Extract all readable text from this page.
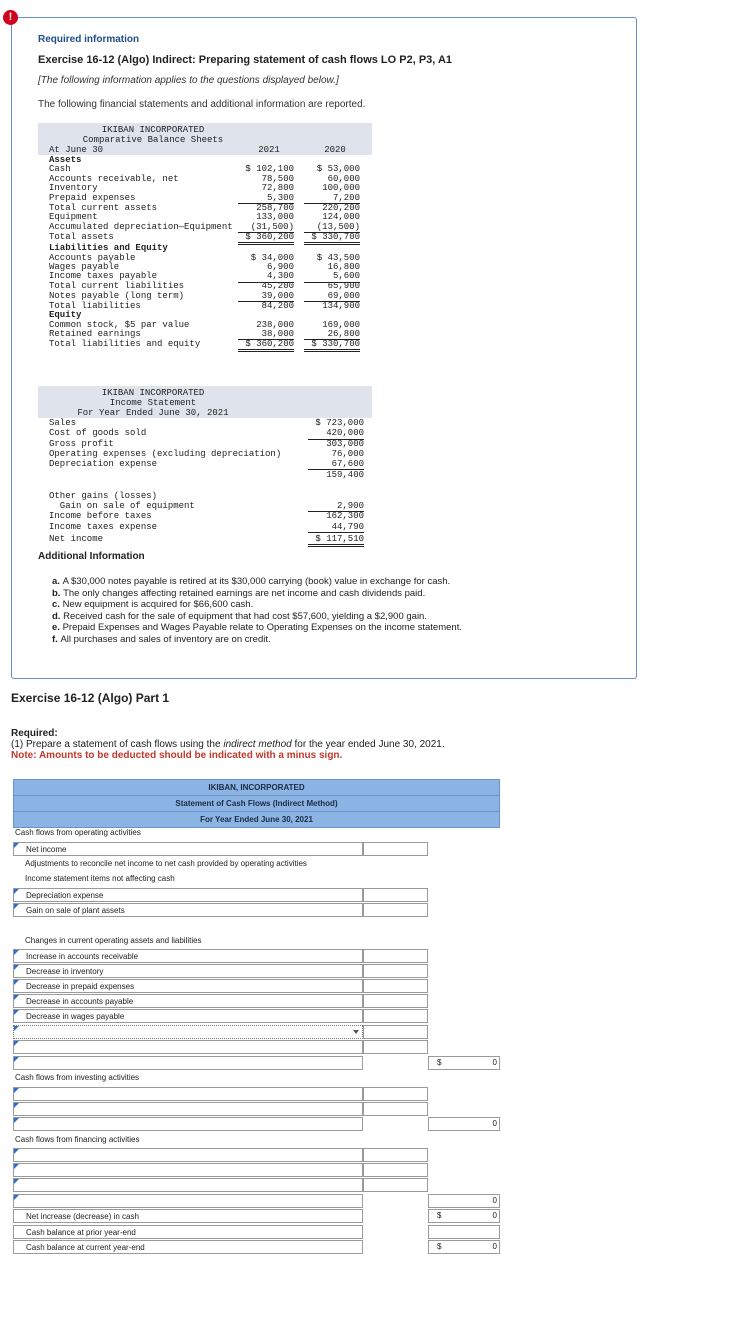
!
Required information
Exercise 16-12 (Algo) Indirect: Preparing statement of cash flows LO P2, P3, A1
[The following information applies to the questions displayed below.]
The following financial statements and additional information are reported.
IKIBAN INCORPORATED
Comparative Balance Sheets
At June 30	2021	2020
Assets
Cash	$ 102,100	$ 53,000
Accounts receivable, net	78,500	60,000
Inventory	72,800	100,000
Prepaid expenses	5,300	7,200
Total current assets	258,700	220,200
Equipment	133,000	124,000
Accumulated depreciation—Equipment	(31,500)	(13,500)
Total assets	$ 360,200	$ 330,700
Liabilities and Equity
Accounts payable	$ 34,000	$ 43,500
Wages payable	6,900	16,800
Income taxes payable	4,300	5,600
Total current liabilities	45,200	65,900
Notes payable (long term)	39,000	69,000
Total liabilities	84,200	134,900
Equity
Common stock, $5 par value	238,000	169,000
Retained earnings	38,000	26,800
Total liabilities and equity	$ 360,200	$ 330,700
IKIBAN INCORPORATED
Income Statement
For Year Ended June 30, 2021
Sales	$ 723,000
Cost of goods sold	420,000
Gross profit	303,000
Operating expenses (excluding depreciation)	76,000
Depreciation expense	67,600
159,400
Other gains (losses)
Gain on sale of equipment	2,900
Income before taxes	162,300
Income taxes expense	44,790
Net income	$ 117,510
Additional Information
a. A $30,000 notes payable is retired at its $30,000 carrying (book) value in exchange for cash.
b. The only changes affecting retained earnings are net income and cash dividends paid.
c. New equipment is acquired for $66,600 cash.
d. Received cash for the sale of equipment that had cost $57,600, yielding a $2,900 gain.
e. Prepaid Expenses and Wages Payable relate to Operating Expenses on the income statement.
f. All purchases and sales of inventory are on credit.
Exercise 16-12 (Algo) Part 1
Required:
(1) Prepare a statement of cash flows using the indirect method for the year ended June 30, 2021.
Note: Amounts to be deducted should be indicated with a minus sign.
IKIBAN, INCORPORATED
Statement of Cash Flows (Indirect Method)
For Year Ended June 30, 2021
Cash flows from operating activities
Net income
Adjustments to reconcile net income to net cash provided by operating activities
Income statement items not affecting cash
Depreciation expense
Gain on sale of plant assets
Changes in current operating assets and liabilities
Increase in accounts receivable
Decrease in inventory
Decrease in prepaid expenses
Decrease in accounts payable
Decrease in wages payable
$	0
Cash flows from investing activities
0
Cash flows from financing activities
0
Net increase (decrease) in cash	$	0
Cash balance at prior year-end
Cash balance at current year-end	$	0
